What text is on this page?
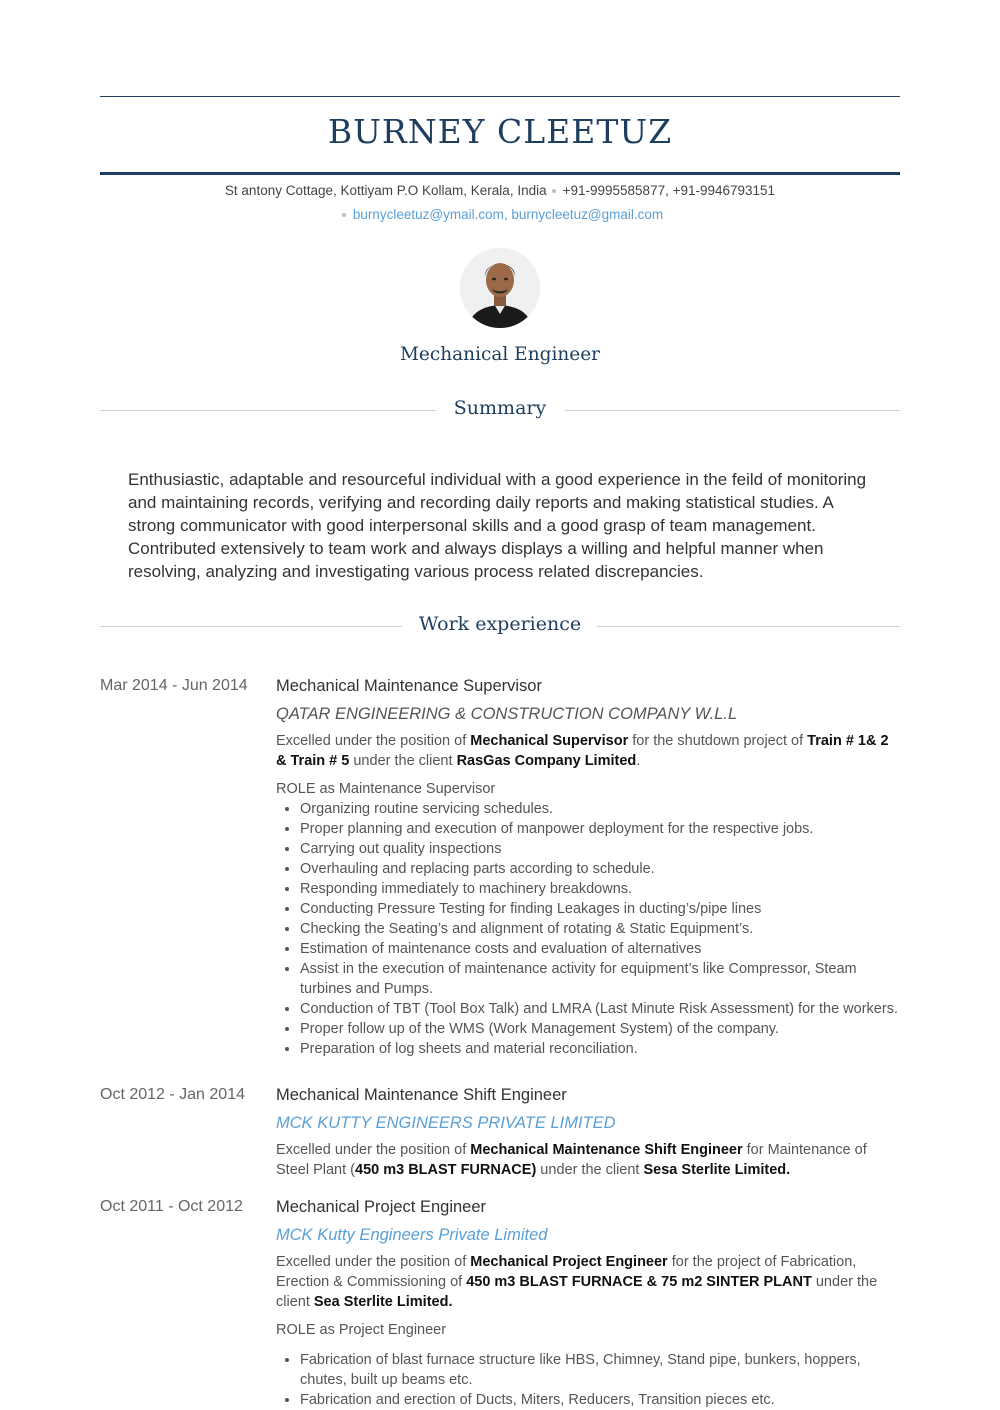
BURNEY CLEETUZ
St antony Cottage, Kottiyam P.O Kollam, Kerala, India +91-9995585877, +91-9946793151
burnycleetuz@ymail.com, burnycleetuz@gmail.com
Mechanical Engineer
Summary
Enthusiastic, adaptable and resourceful individual with a good experience in the feild of monitoring and maintaining records, verifying and recording daily reports and making statistical studies. A strong communicator with good interpersonal skills and a good grasp of team management. Contributed extensively to team work and always displays a willing and helpful manner when resolving, analyzing and investigating various process related discrepancies.
Work experience
Mar 2014 - Jun 2014 Mechanical Maintenance Supervisor
QATAR ENGINEERING & CONSTRUCTION COMPANY W.L.L
Excelled under the position of Mechanical Supervisor for the shutdown project of Train # 1& 2 & Train # 5 under the client RasGas Company Limited.
ROLE as Maintenance Supervisor
• Organizing routine servicing schedules.
• Proper planning and execution of manpower deployment for the respective jobs.
• Carrying out quality inspections
• Overhauling and replacing parts according to schedule.
• Responding immediately to machinery breakdowns.
• Conducting Pressure Testing for finding Leakages in ducting’s/pipe lines
• Checking the Seating’s and alignment of rotating & Static Equipment’s.
• Estimation of maintenance costs and evaluation of alternatives
• Assist in the execution of maintenance activity for equipment’s like Compressor, Steam turbines and Pumps.
• Conduction of TBT (Tool Box Talk) and LMRA (Last Minute Risk Assessment) for the workers.
• Proper follow up of the WMS (Work Management System) of the company.
• Preparation of log sheets and material reconciliation.
Oct 2012 - Jan 2014 Mechanical Maintenance Shift Engineer
MCK KUTTY ENGINEERS PRIVATE LIMITED
Excelled under the position of Mechanical Maintenance Shift Engineer for Maintenance of Steel Plant (450 m3 BLAST FURNACE) under the client Sesa Sterlite Limited.
Oct 2011 - Oct 2012 Mechanical Project Engineer
MCK Kutty Engineers Private Limited
Excelled under the position of Mechanical Project Engineer for the project of Fabrication, Erection & Commissioning of 450 m3 BLAST FURNACE & 75 m2 SINTER PLANT under the client Sea Sterlite Limited.
ROLE as Project Engineer
• Fabrication of blast furnace structure like HBS, Chimney, Stand pipe, bunkers, hoppers, chutes, built up beams etc.
• Fabrication and erection of Ducts, Miters, Reducers, Transition pieces etc.
